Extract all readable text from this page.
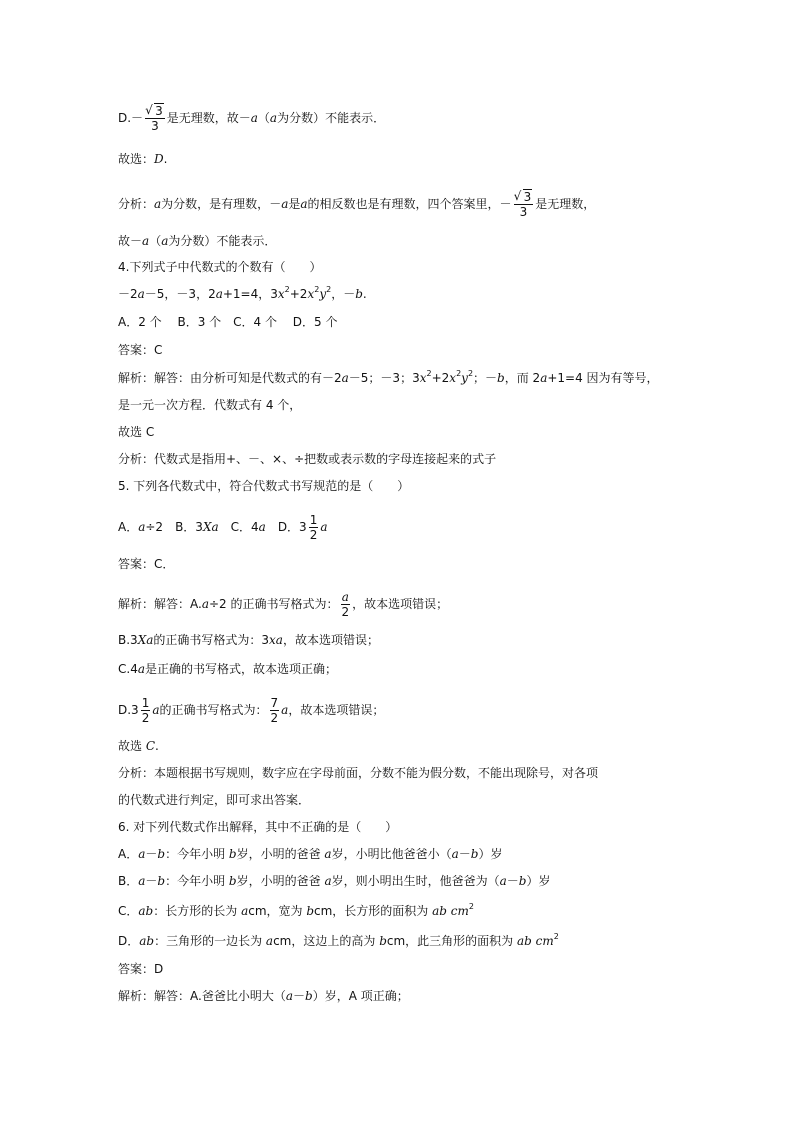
D.－ √ $\frac{3}{3}$ 是无理数，故－a（a为分数）不能表示．
故选：D.
分析：a为分数，是有理数，－a是a的相反数也是有理数，四个答案里，－ √ $\frac{3}{3}$ 是无理数，
故－a（a为分数）不能表示．
4.下列式子中代数式的个数有（　　）
－2a－5，－3，2a+1=4，$3x^2+2x^2y^2$，－b.
A．2 个　 B．3 个　C．4 个　 D．5 个
答案：C
解析：解答：由分析可知是代数式的有－2a－5；－3；$3x^2+2x^2y^2$；－b，而 2a+1=4 因为有等号，
是一元一次方程．代数式有 4 个，
故选 C
分析：代数式是指用+、－、×、÷把数或表示数的字母连接起来的式子
5. 下列各代数式中，符合代数式书写规范的是（　　）
A．a÷2　B．3Xa　C．4a　D．$3 \frac{1}{2}$ a
答案：C．
解析：解答：A.a÷2 的正确书写格式为： $\frac{a}{2}$ ，故本选项错误；
B.3Xa的正确书写格式为：3xa，故本选项错误；
C.4a是正确的书写格式，故本选项正确；
$D.3 \frac{1}{2}$ a的正确书写格式为： $\frac{7}{2}$ a，故本选项错误；
故选 C.
分析：本题根据书写规则，数字应在字母前面，分数不能为假分数，不能出现除号，对各项
的代数式进行判定，即可求出答案．
6. 对下列代数式作出解释，其中不正确的是（　　）
A．a－b：今年小明 b岁，小明的爸爸 a岁，小明比他爸爸小（a－b）岁
B．a－b：今年小明 b岁，小明的爸爸 a岁，则小明出生时，他爸爸为（a－b）岁
C．ab：长方形的长为 acm，宽为 bcm，长方形的面积为 ab $cm^2$
D．ab：三角形的一边长为 acm，这边上的高为 bcm，此三角形的面积为 ab $cm^2$
答案：D
解析：解答：A.爸爸比小明大（a－b）岁，A 项正确；
